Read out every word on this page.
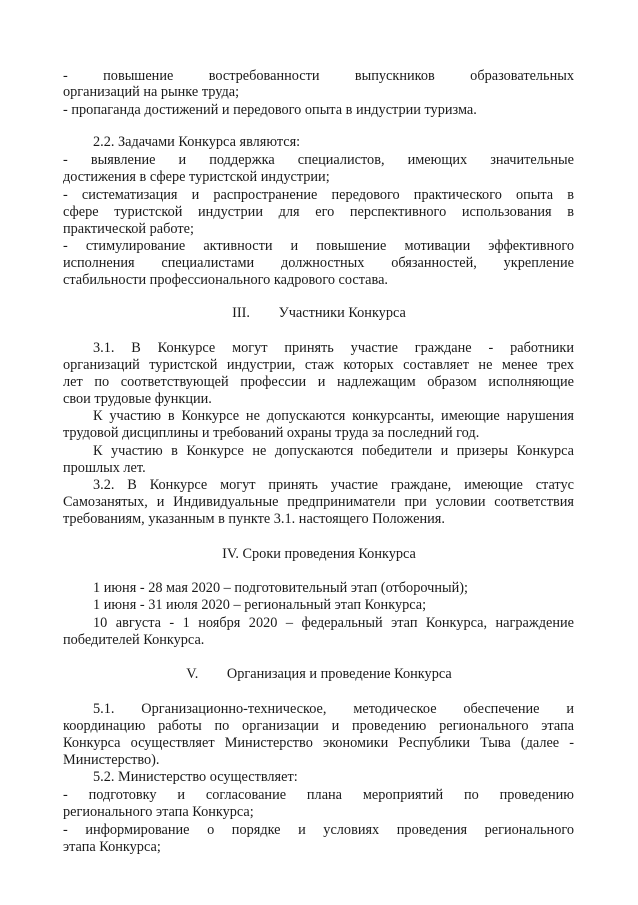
- повышение востребованности выпускников образовательных
организаций на рынке труда;
- пропаганда достижений и передового опыта в индустрии туризма.
2.2. Задачами Конкурса являются:
- выявление и поддержка специалистов, имеющих значительные
достижения в сфере туристской индустрии;
- систематизация и распространение передового практического опыта в
сфере туристской индустрии для его перспективного использования в
практической работе;
- стимулирование активности и повышение мотивации эффективного
исполнения специалистами должностных обязанностей, укрепление
стабильности профессионального кадрового состава.
III.        Участники Конкурса
3.1. В Конкурсе могут принять участие граждане - работники
организаций туристской индустрии, стаж которых составляет не менее трех
лет по соответствующей профессии и надлежащим образом исполняющие
свои трудовые функции.
К участию в Конкурсе не допускаются конкурсанты, имеющие нарушения
трудовой дисциплины и требований охраны труда за последний год.
К участию в Конкурсе не допускаются победители и призеры Конкурса
прошлых лет.
3.2. В Конкурсе могут принять участие граждане, имеющие статус
Самозанятых, и Индивидуальные предприниматели при условии соответствия
требованиям, указанным в пункте 3.1. настоящего Положения.
IV. Сроки проведения Конкурса
1 июня - 28 мая 2020 – подготовительный этап (отборочный);
1 июня - 31 июля 2020 – региональный этап Конкурса;
10 августа - 1 ноября 2020 – федеральный этап Конкурса, награждение
победителей Конкурса.
V.        Организация и проведение Конкурса
5.1. Организационно-техническое, методическое обеспечение и
координацию работы по организации и проведению регионального этапа
Конкурса осуществляет Министерство экономики Республики Тыва (далее -
Министерство).
5.2. Министерство осуществляет:
- подготовку и согласование плана мероприятий по проведению
регионального этапа Конкурса;
- информирование о порядке и условиях проведения регионального
этапа Конкурса;
